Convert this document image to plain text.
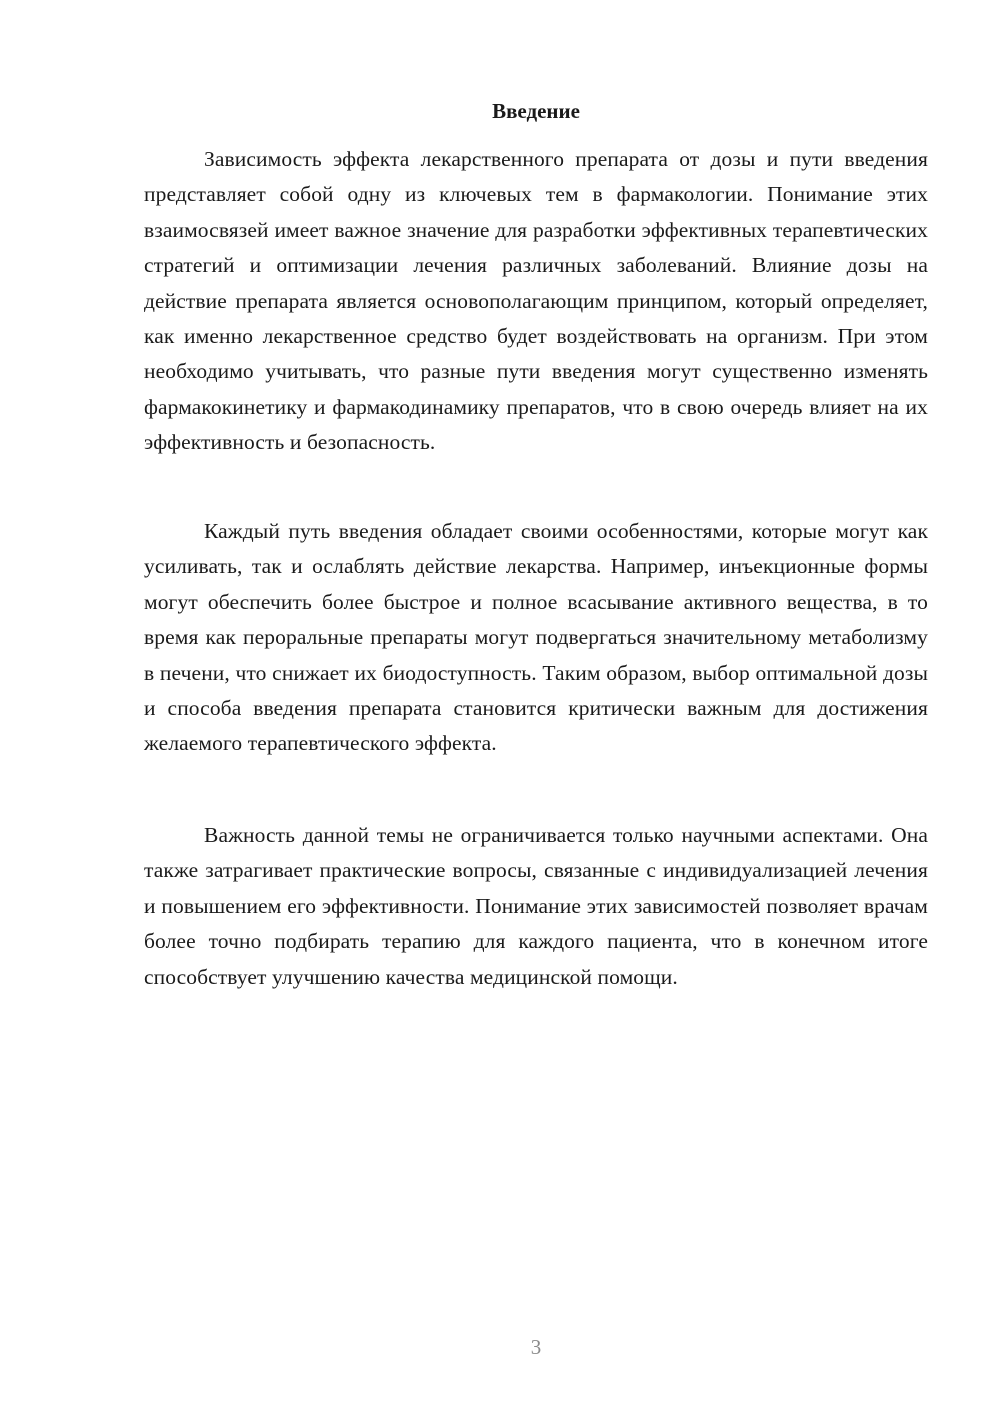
Введение

Зависимость эффекта лекарственного препарата от дозы и пути введения представляет собой одну из ключевых тем в фармакологии. Понимание этих взаимосвязей имеет важное значение для разработки эффективных терапевтических стратегий и оптимизации лечения различных заболеваний. Влияние дозы на действие препарата является основополагающим принципом, который определяет, как именно лекарственное средство будет воздействовать на организм. При этом необходимо учитывать, что разные пути введения могут существенно изменять фармакокинетику и фармакодинамику препаратов, что в свою очередь влияет на их эффективность и безопасность.

Каждый путь введения обладает своими особенностями, которые могут как усиливать, так и ослаблять действие лекарства. Например, инъекционные формы могут обеспечить более быстрое и полное всасывание активного вещества, в то время как пероральные препараты могут подвергаться значительному метаболизму в печени, что снижает их биодоступность. Таким образом, выбор оптимальной дозы и способа введения препарата становится критически важным для достижения желаемого терапевтического эффекта.

Важность данной темы не ограничивается только научными аспектами. Она также затрагивает практические вопросы, связанные с индивидуализацией лечения и повышением его эффективности. Понимание этих зависимостей позволяет врачам более точно подбирать терапию для каждого пациента, что в конечном итоге способствует улучшению качества медицинской помощи.

3
